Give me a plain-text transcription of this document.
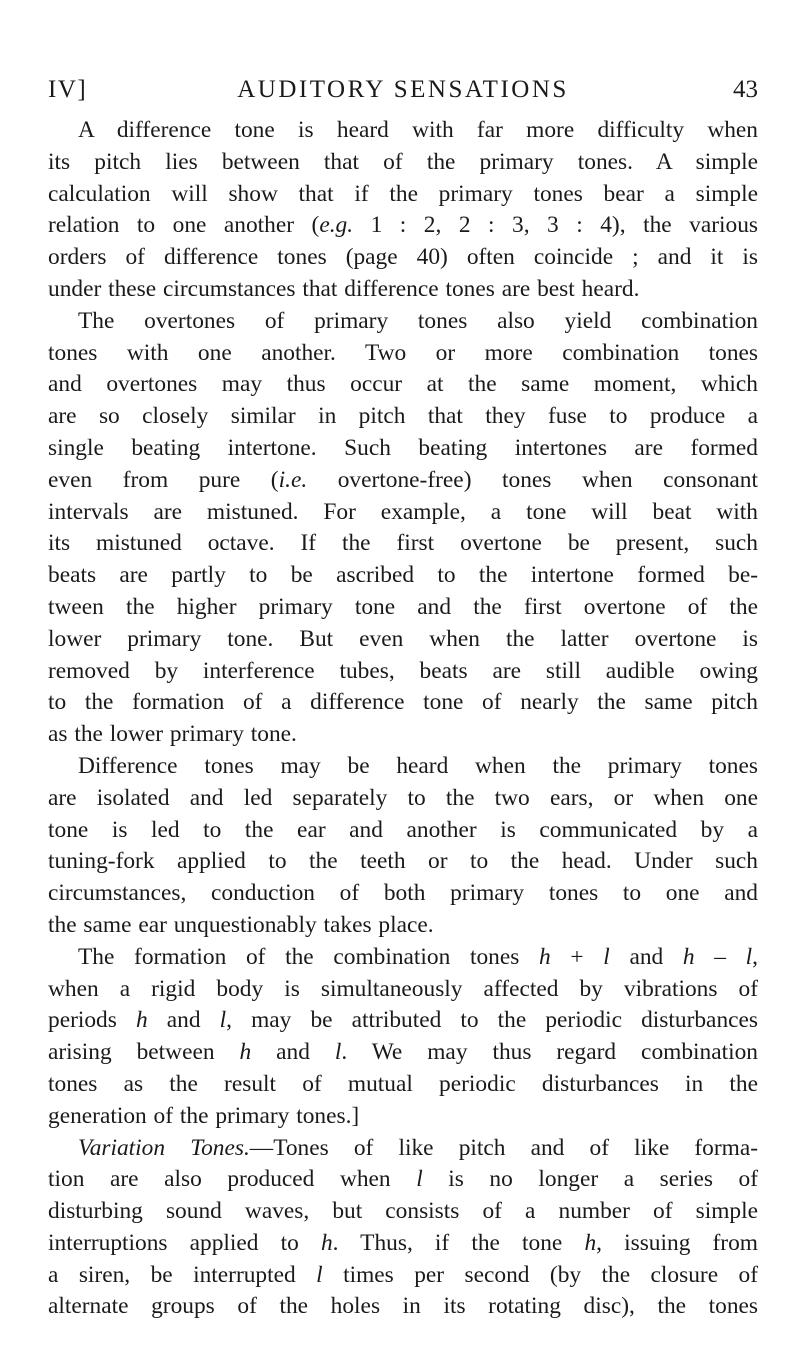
IV]	AUDITORY SENSATIONS	43
A difference tone is heard with far more difficulty when
its pitch lies between that of the primary tones. A simple
calculation will show that if the primary tones bear a simple
relation to one another (e.g. 1 : 2, 2 : 3, 3 : 4), the various
orders of difference tones (page 40) often coincide ; and it is
under these circumstances that difference tones are best heard.
The overtones of primary tones also yield combination
tones with one another. Two or more combination tones
and overtones may thus occur at the same moment, which
are so closely similar in pitch that they fuse to produce a
single beating intertone. Such beating intertones are formed
even from pure (i.e. overtone-free) tones when consonant
intervals are mistuned. For example, a tone will beat with
its mistuned octave. If the first overtone be present, such
beats are partly to be ascribed to the intertone formed be-
tween the higher primary tone and the first overtone of the
lower primary tone. But even when the latter overtone is
removed by interference tubes, beats are still audible owing
to the formation of a difference tone of nearly the same pitch
as the lower primary tone.
Difference tones may be heard when the primary tones
are isolated and led separately to the two ears, or when one
tone is led to the ear and another is communicated by a
tuning-fork applied to the teeth or to the head. Under such
circumstances, conduction of both primary tones to one and
the same ear unquestionably takes place.
The formation of the combination tones h + l and h – l,
when a rigid body is simultaneously affected by vibrations of
periods h and l, may be attributed to the periodic disturbances
arising between h and l. We may thus regard combination
tones as the result of mutual periodic disturbances in the
generation of the primary tones.]
Variation Tones.—Tones of like pitch and of like forma-
tion are also produced when l is no longer a series of
disturbing sound waves, but consists of a number of simple
interruptions applied to h. Thus, if the tone h, issuing from
a siren, be interrupted l times per second (by the closure of
alternate groups of the holes in its rotating disc), the tones
